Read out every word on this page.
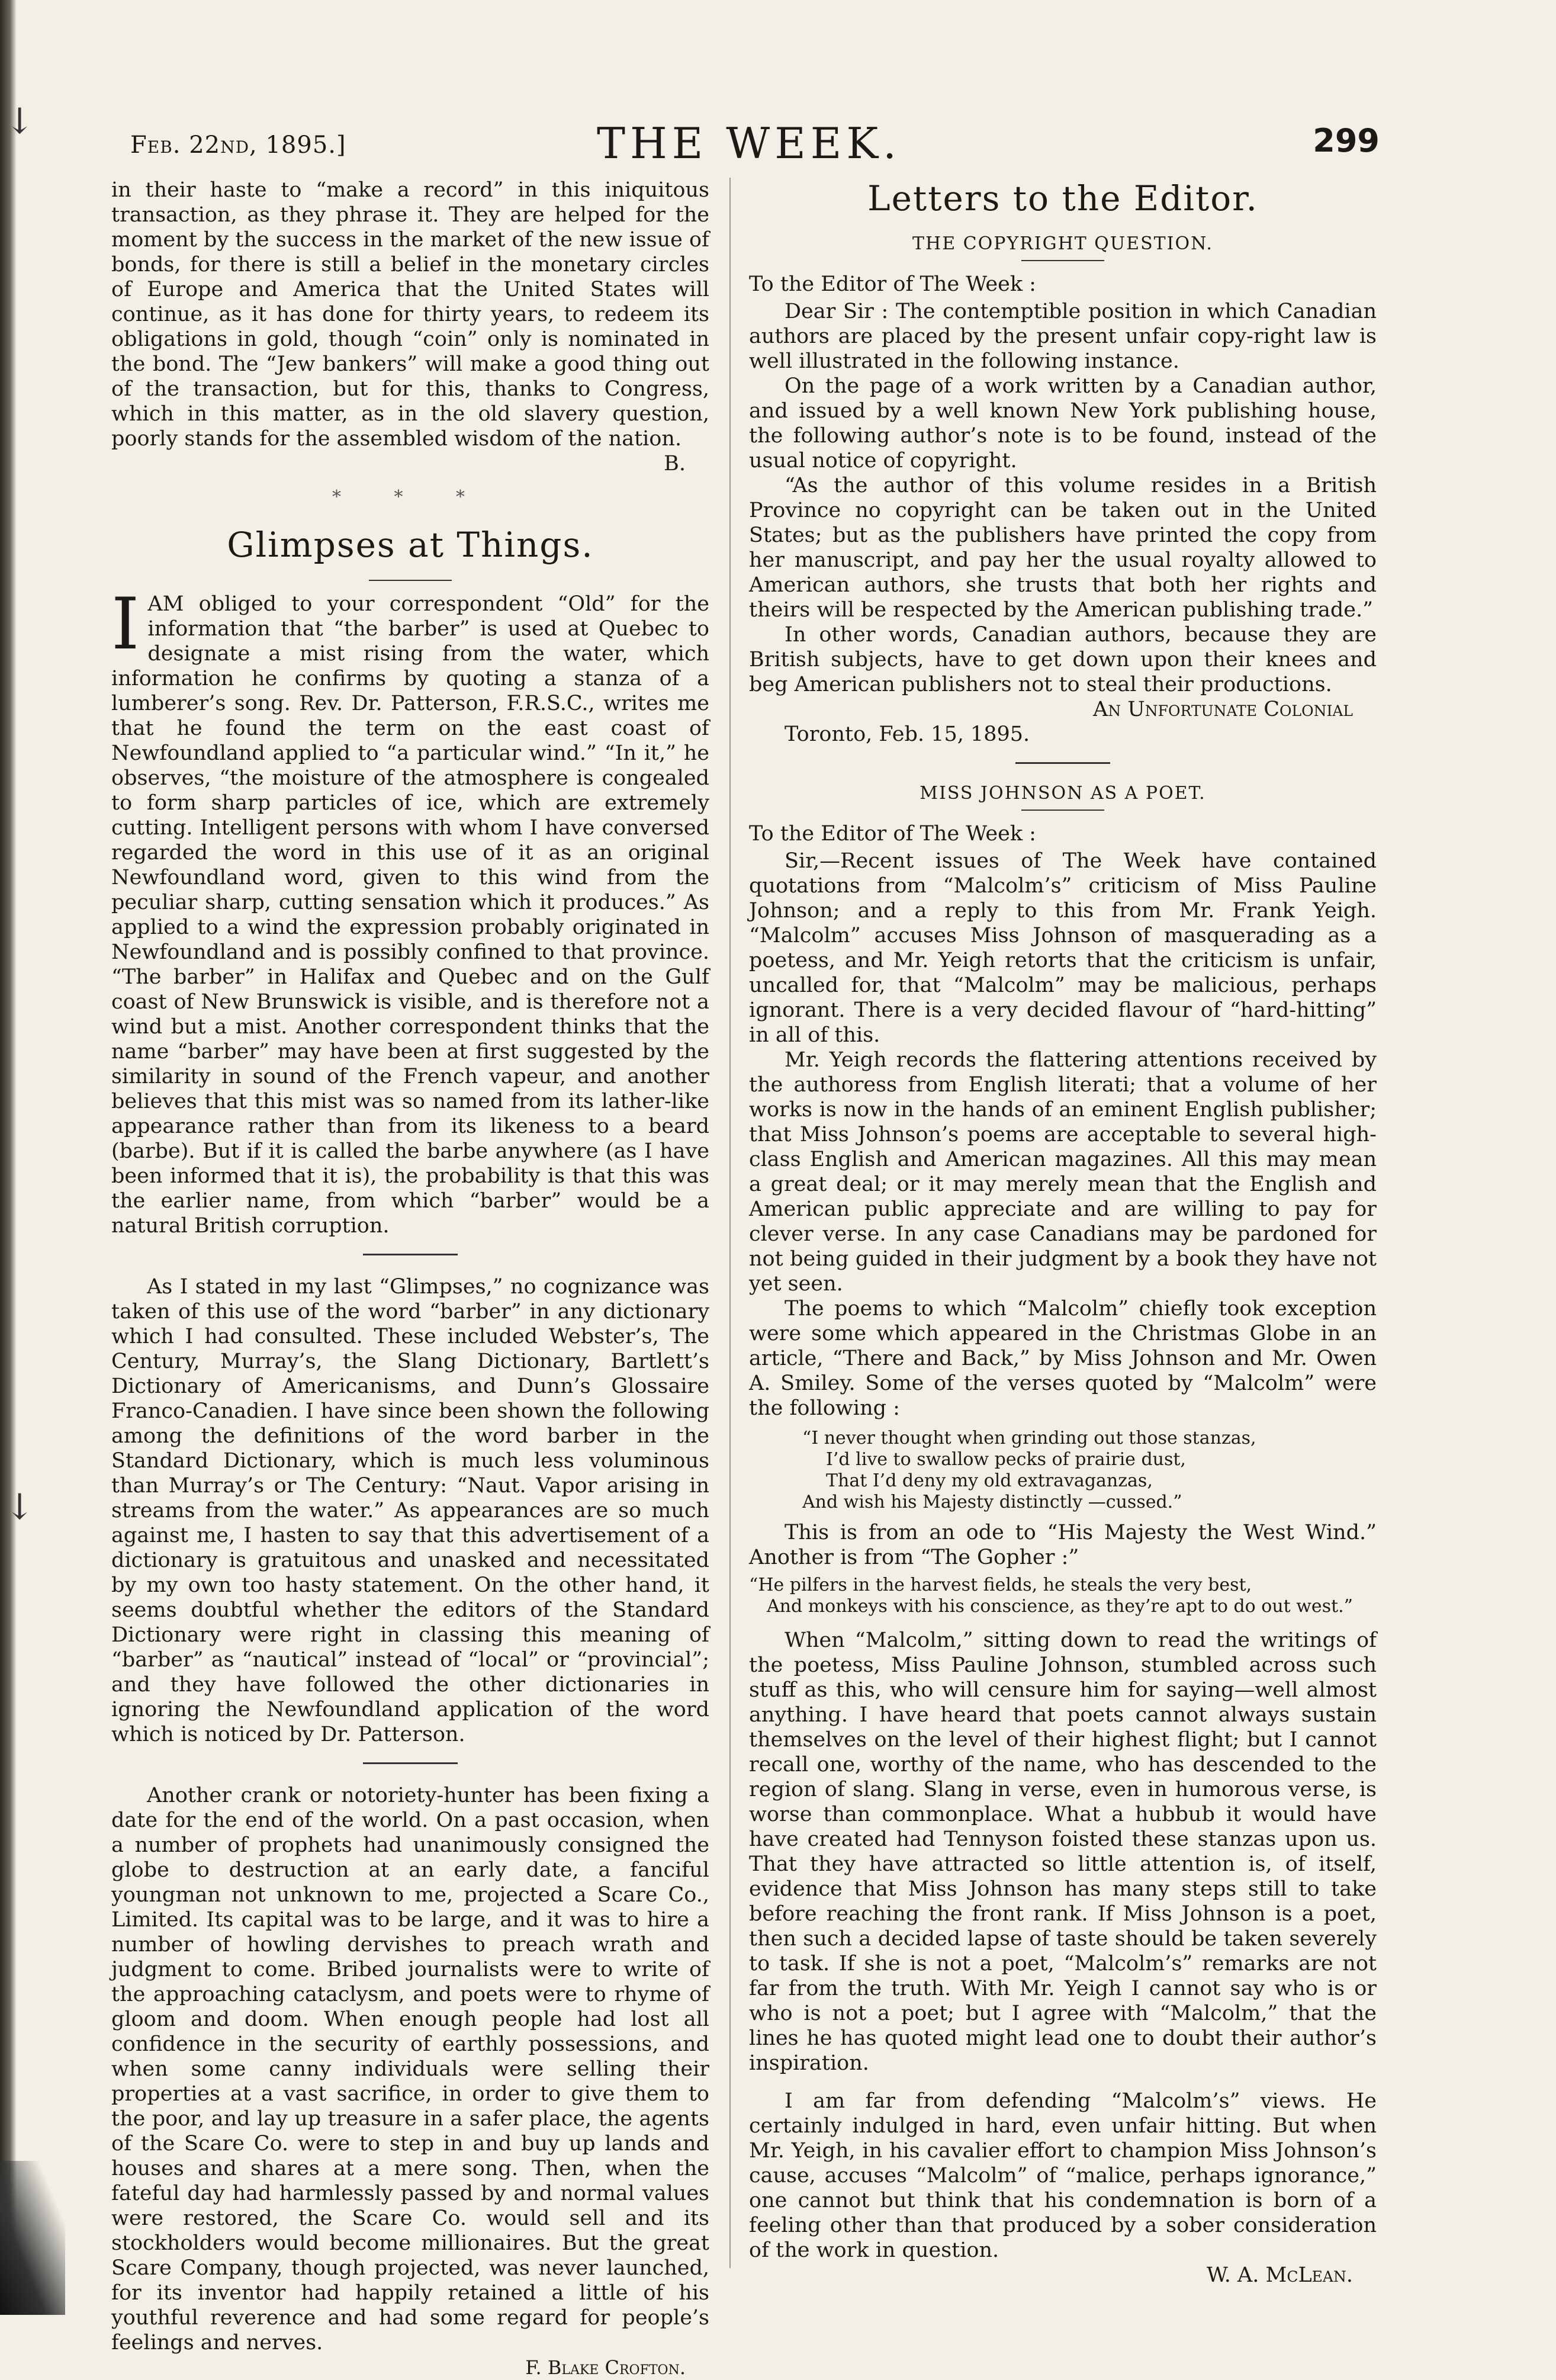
↓
↓
Feb. 22nd, 1895.]	THE WEEK.	299

in their haste to “make a record” in this iniquitous transaction, as they phrase it. They are helped for the moment by the success in the market of the new issue of bonds, for there is still a belief in the monetary circles of Europe and America that the United States will continue, as it has done for thirty years, to redeem its obligations in gold, though “coin” only is nominated in the bond. The “Jew bankers” will make a good thing out of the transaction, but for this, thanks to Congress, which in this matter, as in the old slavery question, poorly stands for the assembled wisdom of the nation.

B.
* * *
Glimpses at Things.

IAM obliged to your correspondent “Old” for the information that “the barber” is used at Quebec to designate a mist rising from the water, which information he confirms by quoting a stanza of a lumberer’s song. Rev. Dr. Patterson, F.R.S.C., writes me that he found the term on the east coast of Newfoundland applied to “a particular wind.” “In it,” he observes, “the moisture of the atmosphere is congealed to form sharp particles of ice, which are extremely cutting. Intelligent persons with whom I have conversed regarded the word in this use of it as an original Newfoundland word, given to this wind from the peculiar sharp, cutting sensation which it produces.” As applied to a wind the expression probably originated in Newfoundland and is possibly confined to that province. “The barber” in Halifax and Quebec and on the Gulf coast of New Brunswick is visible, and is therefore not a wind but a mist. Another correspondent thinks that the name “barber” may have been at first suggested by the similarity in sound of the French vapeur, and another believes that this mist was so named from its lather-like appearance rather than from its likeness to a beard (barbe). But if it is called the barbe anywhere (as I have been informed that it is), the probability is that this was the earlier name, from which “barber” would be a natural British corruption.

As I stated in my last “Glimpses,” no cognizance was taken of this use of the word “barber” in any dictionary which I had consulted. These included Webster’s, The Century, Murray’s, the Slang Dictionary, Bartlett’s Dictionary of Americanisms, and Dunn’s Glossaire Franco-Canadien. I have since been shown the following among the definitions of the word barber in the Standard Dictionary, which is much less voluminous than Murray’s or The Century: “Naut. Vapor arising in streams from the water.” As appearances are so much against me, I hasten to say that this advertisement of a dictionary is gratuitous and unasked and necessitated by my own too hasty statement. On the other hand, it seems doubtful whether the editors of the Standard Dictionary were right in classing this meaning of “barber” as “nautical” instead of “local” or “provincial”; and they have followed the other dictionaries in ignoring the Newfoundland application of the word which is noticed by Dr. Patterson.

Another crank or notoriety-hunter has been fixing a date for the end of the world. On a past occasion, when a number of prophets had unanimously consigned the globe to destruction at an early date, a fanciful youngman not unknown to me, projected a Scare Co., Limited. Its capital was to be large, and it was to hire a number of howling dervishes to preach wrath and judgment to come. Bribed journalists were to write of the approaching cataclysm, and poets were to rhyme of gloom and doom. When enough people had lost all confidence in the security of earthly possessions, and when some canny individuals were selling their properties at a vast sacrifice, in order to give them to the poor, and lay up treasure in a safer place, the agents of the Scare Co. were to step in and buy up lands and houses and shares at a mere song. Then, when the fateful day had harmlessly passed by and normal values were restored, the Scare Co. would sell and its stockholders would become millionaires. But the great Scare Company, though projected, was never launched, for its inventor had happily retained a little of his youthful reverence and had some regard for people’s feelings and nerves.

F. Blake Crofton.
Letters to the Editor.
THE COPYRIGHT QUESTION.
To the Editor of The Week :

Dear Sir : The contemptible position in which Canadian authors are placed by the present unfair copy-right law is well illustrated in the following instance.

On the page of a work written by a Canadian author, and issued by a well known New York publishing house, the following author’s note is to be found, instead of the usual notice of copyright.

“As the author of this volume resides in a British Province no copyright can be taken out in the United States; but as the publishers have printed the copy from her manuscript, and pay her the usual royalty allowed to American authors, she trusts that both her rights and theirs will be respected by the American publishing trade.”

In other words, Canadian authors, because they are British subjects, have to get down upon their knees and beg American publishers not to steal their productions.

An Unfortunate Colonial
Toronto, Feb. 15, 1895.
MISS JOHNSON AS A POET.
To the Editor of The Week :

Sir,—Recent issues of The Week have contained quotations from “Malcolm’s” criticism of Miss Pauline Johnson; and a reply to this from Mr. Frank Yeigh. “Malcolm” accuses Miss Johnson of masquerading as a poetess, and Mr. Yeigh retorts that the criticism is unfair, uncalled for, that “Malcolm” may be malicious, perhaps ignorant. There is a very decided flavour of “hard-hitting” in all of this.

Mr. Yeigh records the flattering attentions received by the authoress from English literati; that a volume of her works is now in the hands of an eminent English publisher; that Miss Johnson’s poems are acceptable to several high-class English and American magazines. All this may mean a great deal; or it may merely mean that the English and American public appreciate and are willing to pay for clever verse. In any case Canadians may be pardoned for not being guided in their judgment by a book they have not yet seen.

The poems to which “Malcolm” chiefly took exception were some which appeared in the Christmas Globe in an article, “There and Back,” by Miss Johnson and Mr. Owen A. Smiley. Some of the verses quoted by “Malcolm” were the following :

“I never thought when grinding out those stanzas,
I’d live to swallow pecks of prairie dust,
That I’d deny my old extravaganzas,
And wish his Majesty distinctly —cussed.”

This is from an ode to “His Majesty the West Wind.” Another is from “The Gopher :”

“He pilfers in the harvest fields, he steals the very best,
And monkeys with his conscience, as they’re apt to do out west.”

When “Malcolm,” sitting down to read the writings of the poetess, Miss Pauline Johnson, stumbled across such stuff as this, who will censure him for saying—well almost anything. I have heard that poets cannot always sustain themselves on the level of their highest flight; but I cannot recall one, worthy of the name, who has descended to the region of slang. Slang in verse, even in humorous verse, is worse than commonplace. What a hubbub it would have have created had Tennyson foisted these stanzas upon us. That they have attracted so little attention is, of itself, evidence that Miss Johnson has many steps still to take before reaching the front rank. If Miss Johnson is a poet, then such a decided lapse of taste should be taken severely to task. If she is not a poet, “Malcolm’s” remarks are not far from the truth. With Mr. Yeigh I cannot say who is or who is not a poet; but I agree with “Malcolm,” that the lines he has quoted might lead one to doubt their author’s inspiration.

I am far from defending “Malcolm’s” views. He certainly indulged in hard, even unfair hitting. But when Mr. Yeigh, in his cavalier effort to champion Miss Johnson’s cause, accuses “Malcolm” of “malice, perhaps ignorance,” one cannot but think that his condemnation is born of a feeling other than that produced by a sober consideration of the work in question.

W. A. McLean.
